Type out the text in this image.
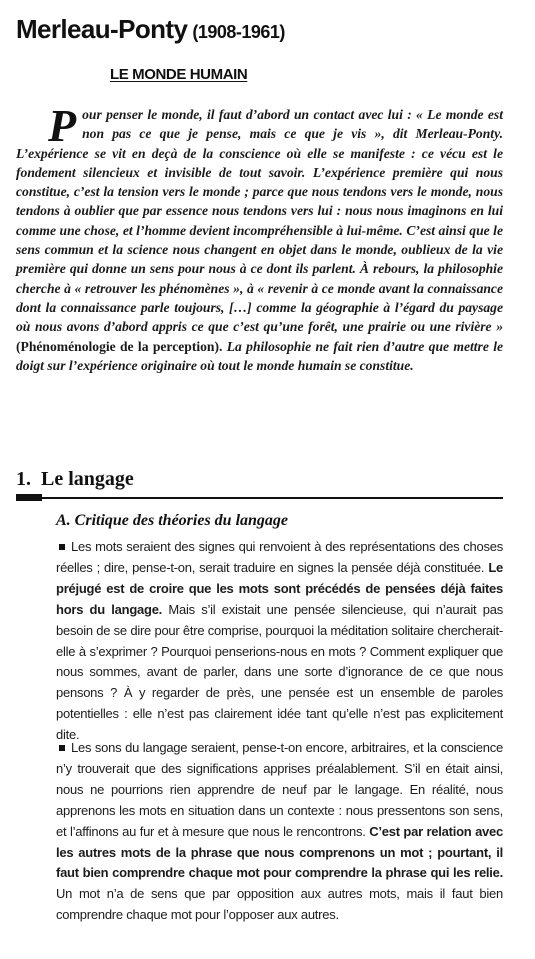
Merleau-Ponty (1908-1961)
LE MONDE HUMAIN
Pour penser le monde, il faut d’abord un contact avec lui : « Le monde est non pas ce que je pense, mais ce que je vis », dit Merleau-Ponty. L’expérience se vit en deçà de la conscience où elle se manifeste : ce vécu est le fondement silencieux et invisible de tout savoir. L’expérience première qui nous constitue, c’est la tension vers le monde ; parce que nous tendons vers le monde, nous tendons à oublier que par essence nous tendons vers lui : nous nous imaginons en lui comme une chose, et l’homme devient incompréhensible à lui-même. C’est ainsi que le sens commun et la science nous changent en objet dans le monde, oublieux de la vie première qui donne un sens pour nous à ce dont ils parlent. À rebours, la philosophie cherche à « retrouver les phénomènes », à « revenir à ce monde avant la connaissance dont la connaissance parle toujours, […] comme la géographie à l’égard du paysage où nous avons d’abord appris ce que c’est qu’une forêt, une prairie ou une rivière » (Phénoménologie de la perception). La philosophie ne fait rien d’autre que mettre le doigt sur l’expérience originaire où tout le monde humain se constitue.
1. Le langage
A. Critique des théories du langage
Les mots seraient des signes qui renvoient à des représentations des choses réelles ; dire, pense-t-on, serait traduire en signes la pensée déjà constituée. Le préjugé est de croire que les mots sont précédés de pensées déjà faites hors du langage. Mais s’il existait une pensée silencieuse, qui n’aurait pas besoin de se dire pour être comprise, pourquoi la méditation solitaire chercherait-elle à s’exprimer ? Pourquoi penserions-nous en mots ? Comment expliquer que nous sommes, avant de parler, dans une sorte d’ignorance de ce que nous pensons ? À y regarder de près, une pensée est un ensemble de paroles potentielles : elle n’est pas clairement idée tant qu’elle n’est pas explicitement dite.
Les sons du langage seraient, pense-t-on encore, arbitraires, et la conscience n’y trouverait que des significations apprises préalablement. S’il en était ainsi, nous ne pourrions rien apprendre de neuf par le langage. En réalité, nous apprenons les mots en situation dans un contexte : nous pressentons son sens, et l’affinons au fur et à mesure que nous le rencontrons. C’est par relation avec les autres mots de la phrase que nous comprenons un mot ; pourtant, il faut bien comprendre chaque mot pour comprendre la phrase qui les relie. Un mot n’a de sens que par opposition aux autres mots, mais il faut bien comprendre chaque mot pour l’opposer aux autres.
